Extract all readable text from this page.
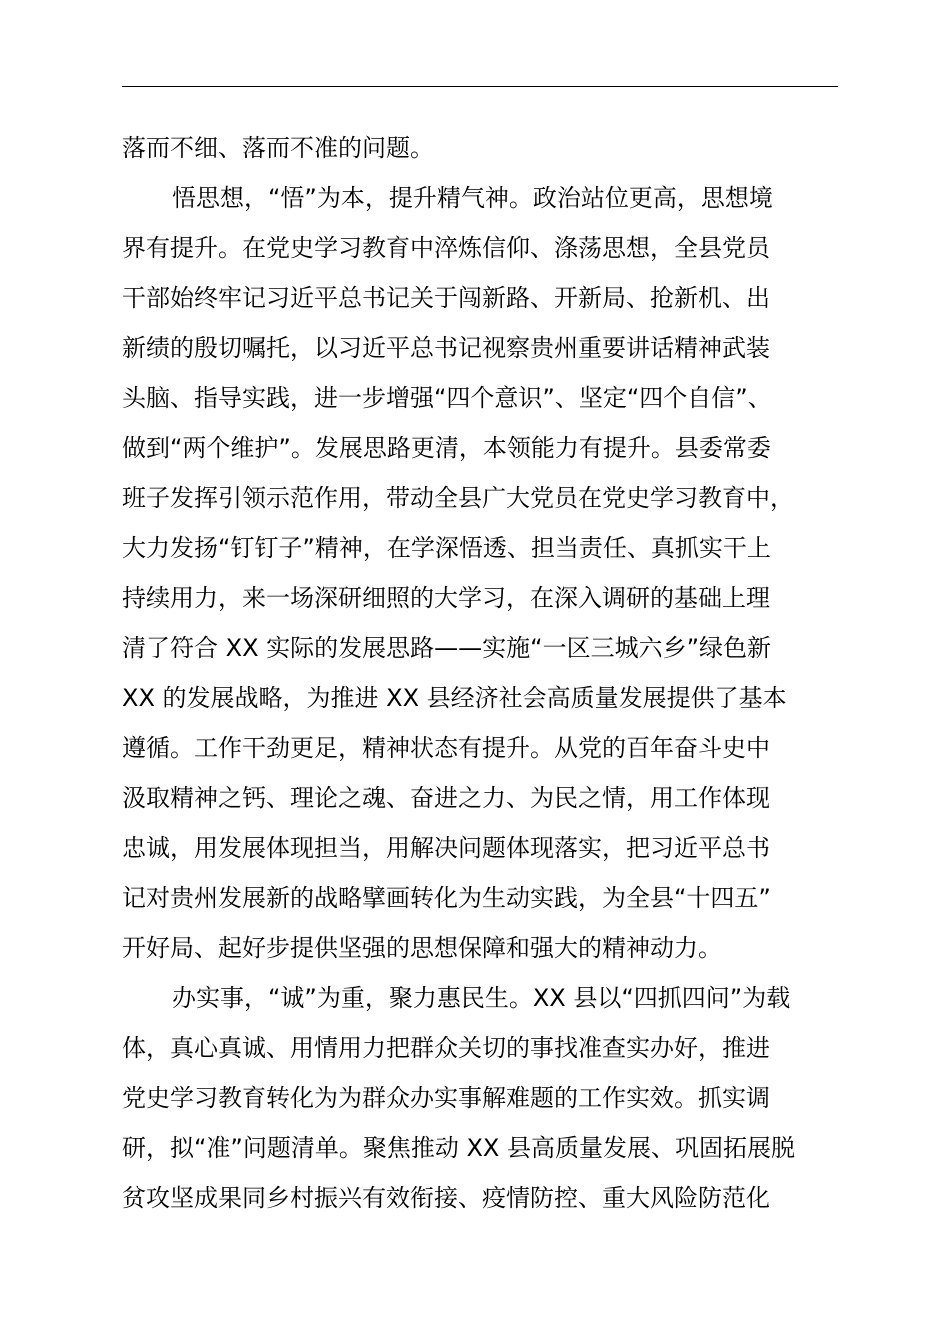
落而不细、落而不准的问题。
悟思想，“悟”为本，提升精气神。政治站位更高，思想境
界有提升。在党史学习教育中淬炼信仰、涤荡思想，全县党员
干部始终牢记习近平总书记关于闯新路、开新局、抢新机、出
新绩的殷切嘱托，以习近平总书记视察贵州重要讲话精神武装
头脑、指导实践，进一步增强“四个意识”、坚定“四个自信”、
做到“两个维护”。发展思路更清，本领能力有提升。县委常委
班子发挥引领示范作用，带动全县广大党员在党史学习教育中，
大力发扬“钉钉子”精神，在学深悟透、担当责任、真抓实干上
持续用力，来一场深研细照的大学习，在深入调研的基础上理
清了符合 XX 实际的发展思路——实施“一区三城六乡”绿色新
XX 的发展战略，为推进 XX 县经济社会高质量发展提供了基本
遵循。工作干劲更足，精神状态有提升。从党的百年奋斗史中
汲取精神之钙、理论之魂、奋进之力、为民之情，用工作体现
忠诚，用发展体现担当，用解决问题体现落实，把习近平总书
记对贵州发展新的战略擘画转化为生动实践，为全县“十四五”
开好局、起好步提供坚强的思想保障和强大的精神动力。
办实事，“诚”为重，聚力惠民生。XX 县以“四抓四问”为载
体，真心真诚、用情用力把群众关切的事找准查实办好，推进
党史学习教育转化为为群众办实事解难题的工作实效。抓实调
研，拟“准”问题清单。聚焦推动 XX 县高质量发展、巩固拓展脱
贫攻坚成果同乡村振兴有效衔接、疫情防控、重大风险防范化
